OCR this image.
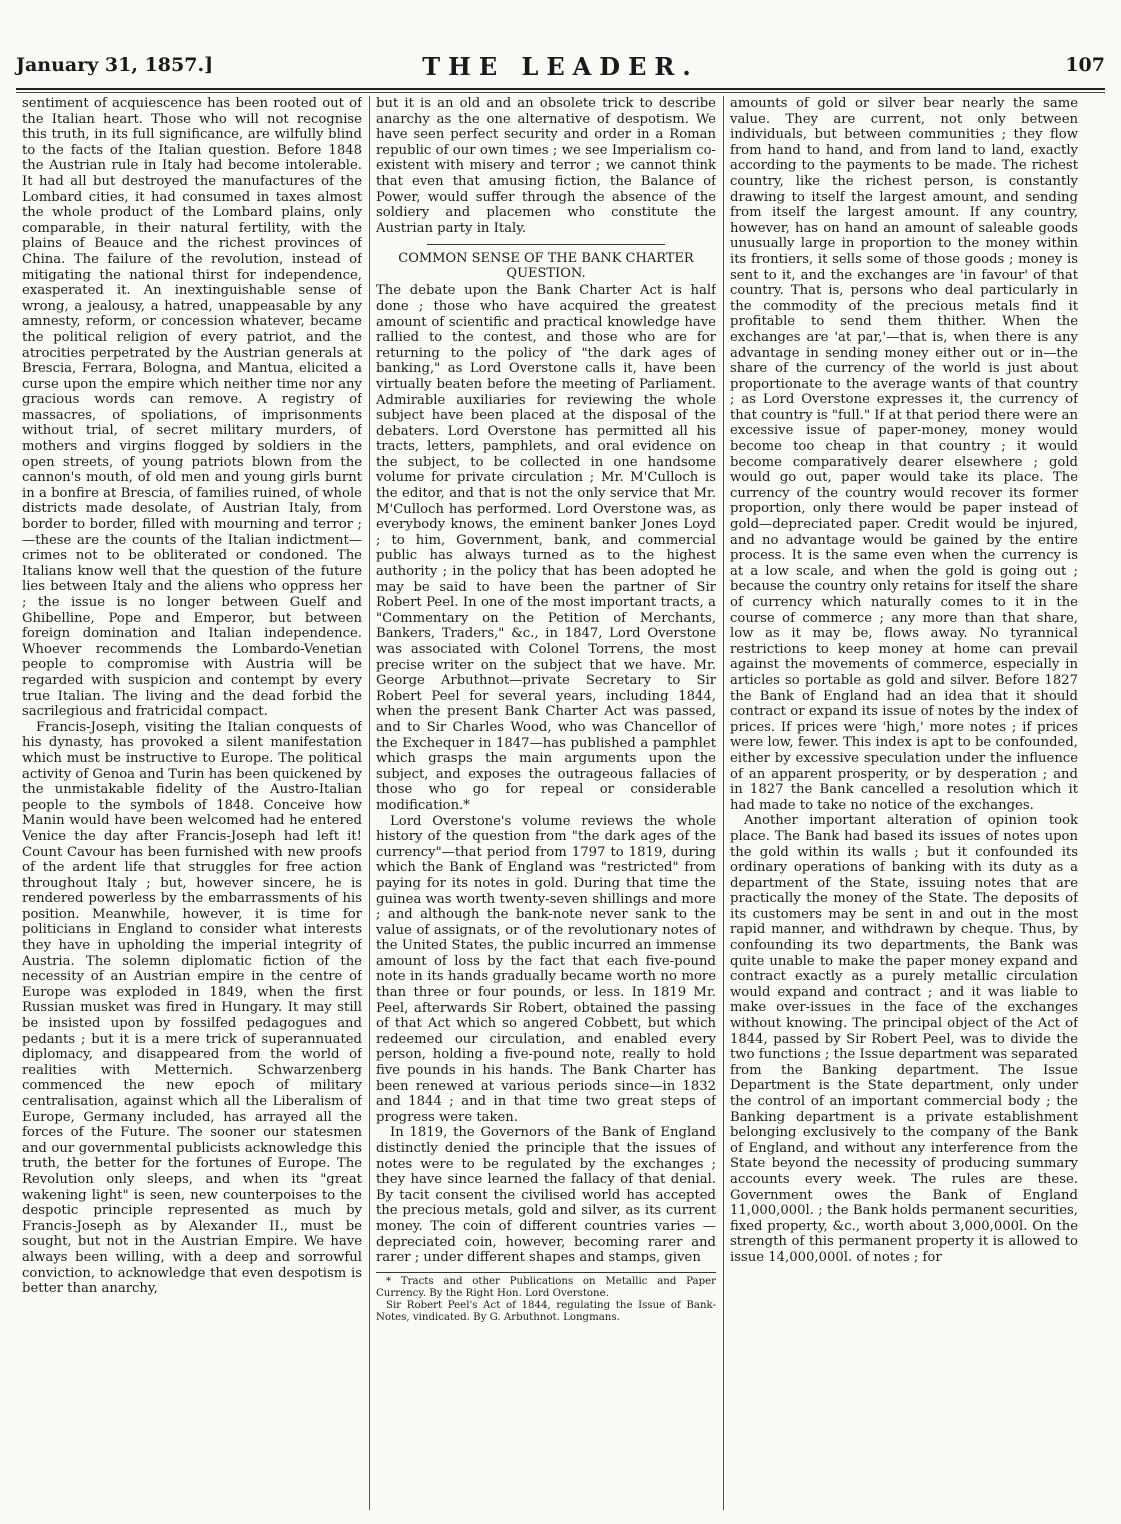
January 31, 1857.]	THE LEADER.	107

sentiment of acquiescence has been rooted out of the Italian heart. Those who will not recognise this truth, in its full significance, are wilfully blind to the facts of the Italian question. Before 1848 the Austrian rule in Italy had become intolerable. It had all but destroyed the manufactures of the Lombard cities, it had consumed in taxes almost the whole product of the Lombard plains, only comparable, in their natural fertility, with the plains of Beauce and the richest provinces of China. The failure of the revolution, instead of mitigating the national thirst for independence, exasperated it. An inextinguishable sense of wrong, a jealousy, a hatred, unappeasable by any amnesty, reform, or concession whatever, became the political religion of every patriot, and the atrocities perpetrated by the Austrian generals at Brescia, Ferrara, Bologna, and Mantua, elicited a curse upon the empire which neither time nor any gracious words can remove. A registry of massacres, of spoliations, of imprisonments without trial, of secret military murders, of mothers and virgins flogged by soldiers in the open streets, of young patriots blown from the cannon's mouth, of old men and young girls burnt in a bonfire at Brescia, of families ruined, of whole districts made desolate, of Austrian Italy, from border to border, filled with mourning and terror ;—these are the counts of the Italian indictment—crimes not to be obliterated or condoned. The Italians know well that the question of the future lies between Italy and the aliens who oppress her ; the issue is no longer between Guelf and Ghibelline, Pope and Emperor, but between foreign domination and Italian independence. Whoever recommends the Lombardo-Venetian people to compromise with Austria will be regarded with suspicion and contempt by every true Italian. The living and the dead forbid the sacrilegious and fratricidal compact.

Francis-Joseph, visiting the Italian conquests of his dynasty, has provoked a silent manifestation which must be instructive to Europe. The political activity of Genoa and Turin has been quickened by the unmistakable fidelity of the Austro-Italian people to the symbols of 1848. Conceive how Manin would have been welcomed had he entered Venice the day after Francis-Joseph had left it! Count Cavour has been furnished with new proofs of the ardent life that struggles for free action throughout Italy ; but, however sincere, he is rendered powerless by the embarrassments of his position. Meanwhile, however, it is time for politicians in England to consider what interests they have in upholding the imperial integrity of Austria. The solemn diplomatic fiction of the necessity of an Austrian empire in the centre of Europe was exploded in 1849, when the first Russian musket was fired in Hungary. It may still be insisted upon by fossilfed pedagogues and pedants ; but it is a mere trick of superannuated diplomacy, and disappeared from the world of realities with Metternich. Schwarzenberg commenced the new epoch of military centralisation, against which all the Liberalism of Europe, Germany included, has arrayed all the forces of the Future. The sooner our statesmen and our governmental publicists acknowledge this truth, the better for the fortunes of Europe. The Revolution only sleeps, and when its "great wakening light" is seen, new counterpoises to the despotic principle represented as much by Francis-Joseph as by Alexander II., must be sought, but not in the Austrian Empire. We have always been willing, with a deep and sorrowful conviction, to acknowledge that even despotism is better than anarchy,

but it is an old and an obsolete trick to describe anarchy as the one alternative of despotism. We have seen perfect security and order in a Roman republic of our own times ; we see Imperialism co-existent with misery and terror ; we cannot think that even that amusing fiction, the Balance of Power, would suffer through the absence of the soldiery and placemen who constitute the Austrian party in Italy.

COMMON SENSE OF THE BANK CHARTER QUESTION.

The debate upon the Bank Charter Act is half done ; those who have acquired the greatest amount of scientific and practical knowledge have rallied to the contest, and those who are for returning to the policy of "the dark ages of banking," as Lord Overstone calls it, have been virtually beaten before the meeting of Parliament. Admirable auxiliaries for reviewing the whole subject have been placed at the disposal of the debaters. Lord Overstone has permitted all his tracts, letters, pamphlets, and oral evidence on the subject, to be collected in one handsome volume for private circulation ; Mr. M'Culloch is the editor, and that is not the only service that Mr. M'Culloch has performed. Lord Overstone was, as everybody knows, the eminent banker Jones Loyd ; to him, Government, bank, and commercial public has always turned as to the highest authority ; in the policy that has been adopted he may be said to have been the partner of Sir Robert Peel. In one of the most important tracts, a "Commentary on the Petition of Merchants, Bankers, Traders," &c., in 1847, Lord Overstone was associated with Colonel Torrens, the most precise writer on the subject that we have. Mr. George Arbuthnot—private Secretary to Sir Robert Peel for several years, including 1844, when the present Bank Charter Act was passed, and to Sir Charles Wood, who was Chancellor of the Exchequer in 1847—has published a pamphlet which grasps the main arguments upon the subject, and exposes the outrageous fallacies of those who go for repeal or considerable modification.*

Lord Overstone's volume reviews the whole history of the question from "the dark ages of the currency"—that period from 1797 to 1819, during which the Bank of England was "restricted" from paying for its notes in gold. During that time the guinea was worth twenty-seven shillings and more ; and although the bank-note never sank to the value of assignats, or of the revolutionary notes of the United States, the public incurred an immense amount of loss by the fact that each five-pound note in its hands gradually became worth no more than three or four pounds, or less. In 1819 Mr. Peel, afterwards Sir Robert, obtained the passing of that Act which so angered Cobbett, but which redeemed our circulation, and enabled every person, holding a five-pound note, really to hold five pounds in his hands. The Bank Charter has been renewed at various periods since—in 1832 and 1844 ; and in that time two great steps of progress were taken.

In 1819, the Governors of the Bank of England distinctly denied the principle that the issues of notes were to be regulated by the exchanges ; they have since learned the fallacy of that denial. By tacit consent the civilised world has accepted the precious metals, gold and silver, as its current money. The coin of different countries varies — depreciated coin, however, becoming rarer and rarer ; under different shapes and stamps, given

* Tracts and other Publications on Metallic and Paper Currency. By the Right Hon. Lord Overstone.

Sir Robert Peel's Act of 1844, regulating the Issue of Bank-Notes, vindicated. By G. Arbuthnot. Longmans.

amounts of gold or silver bear nearly the same value. They are current, not only between individuals, but between communities ; they flow from hand to hand, and from land to land, exactly according to the payments to be made. The richest country, like the richest person, is constantly drawing to itself the largest amount, and sending from itself the largest amount. If any country, however, has on hand an amount of saleable goods unusually large in proportion to the money within its frontiers, it sells some of those goods ; money is sent to it, and the exchanges are 'in favour' of that country. That is, persons who deal particularly in the commodity of the precious metals find it profitable to send them thither. When the exchanges are 'at par,'—that is, when there is any advantage in sending money either out or in—the share of the currency of the world is just about proportionate to the average wants of that country ; as Lord Overstone expresses it, the currency of that country is "full." If at that period there were an excessive issue of paper-money, money would become too cheap in that country ; it would become comparatively dearer elsewhere ; gold would go out, paper would take its place. The currency of the country would recover its former proportion, only there would be paper instead of gold—depreciated paper. Credit would be injured, and no advantage would be gained by the entire process. It is the same even when the currency is at a low scale, and when the gold is going out ; because the country only retains for itself the share of currency which naturally comes to it in the course of commerce ; any more than that share, low as it may be, flows away. No tyrannical restrictions to keep money at home can prevail against the movements of commerce, especially in articles so portable as gold and silver. Before 1827 the Bank of England had an idea that it should contract or expand its issue of notes by the index of prices. If prices were 'high,' more notes ; if prices were low, fewer. This index is apt to be confounded, either by excessive speculation under the influence of an apparent prosperity, or by desperation ; and in 1827 the Bank cancelled a resolution which it had made to take no notice of the exchanges.

Another important alteration of opinion took place. The Bank had based its issues of notes upon the gold within its walls ; but it confounded its ordinary operations of banking with its duty as a department of the State, issuing notes that are practically the money of the State. The deposits of its customers may be sent in and out in the most rapid manner, and withdrawn by cheque. Thus, by confounding its two departments, the Bank was quite unable to make the paper money expand and contract exactly as a purely metallic circulation would expand and contract ; and it was liable to make over-issues in the face of the exchanges without knowing. The principal object of the Act of 1844, passed by Sir Robert Peel, was to divide the two functions ; the Issue department was separated from the Banking department. The Issue Department is the State department, only under the control of an important commercial body ; the Banking department is a private establishment belonging exclusively to the company of the Bank of England, and without any interference from the State beyond the necessity of producing summary accounts every week. The rules are these. Government owes the Bank of England 11,000,000l. ; the Bank holds permanent securities, fixed property, &c., worth about 3,000,000l. On the strength of this permanent property it is allowed to issue 14,000,000l. of notes ; for
